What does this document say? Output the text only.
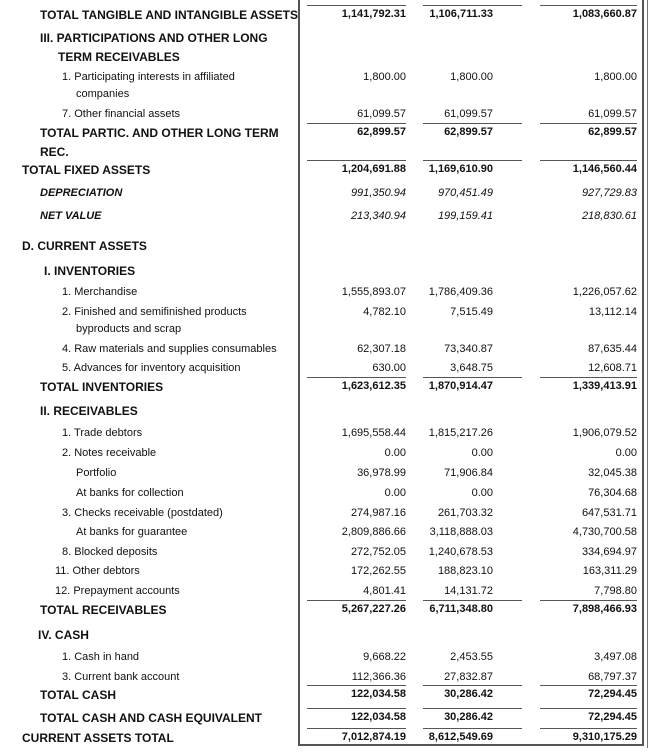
TOTAL TANGIBLE AND INTANGIBLE ASSETS	1,141,792.31	1,106,711.33	1,083,660.87
III. PARTICIPATIONS AND OTHER LONG
TERM RECEIVABLES
1. Participating interests in affiliated	1,800.00	1,800.00	1,800.00
companies
7. Other financial assets	61,099.57	61,099.57	61,099.57
TOTAL PARTIC. AND OTHER LONG TERM	62,899.57	62,899.57	62,899.57
REC.
TOTAL FIXED ASSETS	1,204,691.88	1,169,610.90	1,146,560.44
DEPRECIATION	991,350.94	970,451.49	927,729.83
NET VALUE	213,340.94	199,159.41	218,830.61
D. CURRENT ASSETS
I. INVENTORIES
1. Merchandise	1,555,893.07	1,786,409.36	1,226,057.62
2. Finished and semifinished products	4,782.10	7,515.49	13,112.14
byproducts and scrap
4. Raw materials and supplies consumables	62,307.18	73,340.87	87,635.44
5. Advances for inventory acquisition	630.00	3,648.75	12,608.71
TOTAL INVENTORIES	1,623,612.35	1,870,914.47	1,339,413.91
II. RECEIVABLES
1. Trade debtors	1,695,558.44	1,815,217.26	1,906,079.52
2. Notes receivable	0.00	0.00	0.00
Portfolio	36,978.99	71,906.84	32,045.38
At banks for collection	0.00	0.00	76,304.68
3. Checks receivable (postdated)	274,987.16	261,703.32	647,531.71
At banks for guarantee	2,809,886.66	3,118,888.03	4,730,700.58
8. Blocked deposits	272,752.05	1,240,678.53	334,694.97
11. Other debtors	172,262.55	188,823.10	163,311.29
12. Prepayment accounts	4,801.41	14,131.72	7,798.80
TOTAL RECEIVABLES	5,267,227.26	6,711,348.80	7,898,466.93
IV. CASH
1. Cash in hand	9,668.22	2,453.55	3,497.08
3. Current bank account	112,366.36	27,832.87	68,797.37
TOTAL CASH	122,034.58	30,286.42	72,294.45
TOTAL CASH AND CASH EQUIVALENT	122,034.58	30,286.42	72,294.45
CURRENT ASSETS TOTAL	7,012,874.19	8,612,549.69	9,310,175.29
